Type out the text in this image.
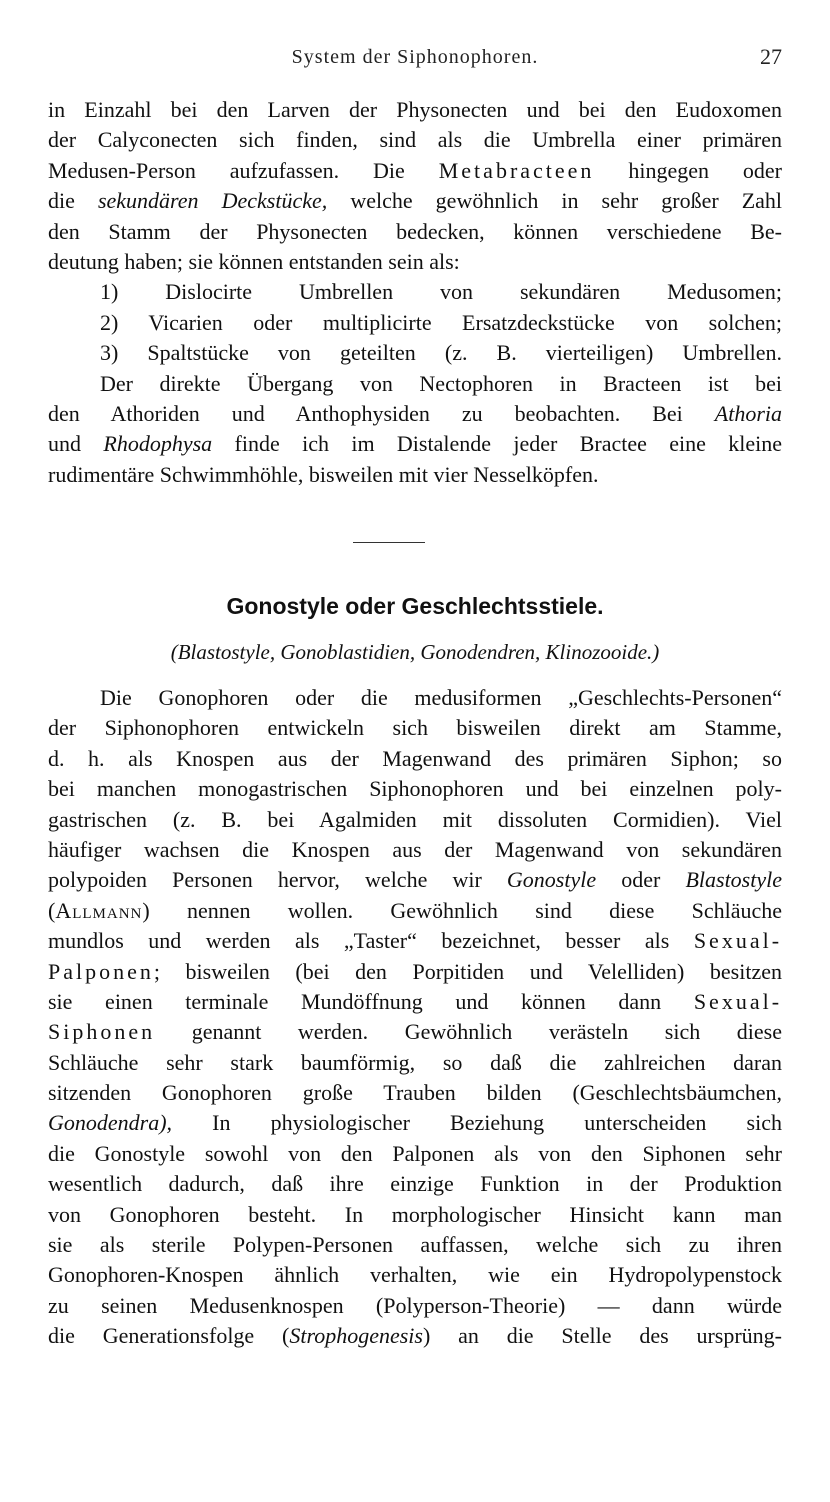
System der Siphonophoren.	27
in Einzahl bei den Larven der Physonecten und bei den Eudoxomen
der Calyconecten sich finden, sind als die Umbrella einer primären
Medusen-Person aufzufassen. Die Metabracteen hingegen oder
die sekundären Deckstücke, welche gewöhnlich in sehr großer Zahl
den Stamm der Physonecten bedecken, können verschiedene Be-
deutung haben; sie können entstanden sein als:
1) Dislocirte Umbrellen von sekundären Medusomen;
2) Vicarien oder multiplicirte Ersatzdeckstücke von solchen;
3) Spaltstücke von geteilten (z. B. vierteiligen) Umbrellen.
Der direkte Übergang von Nectophoren in Bracteen ist bei
den Athoriden und Anthophysiden zu beobachten. Bei Athoria
und Rhodophysa finde ich im Distalende jeder Bractee eine kleine
rudimentäre Schwimmhöhle, bisweilen mit vier Nesselköpfen.
Gonostyle oder Geschlechtsstiele.
(Blastostyle, Gonoblastidien, Gonodendren, Klinozooide.)
Die Gonophoren oder die medusiformen „Geschlechts-Personen“
der Siphonophoren entwickeln sich bisweilen direkt am Stamme,
d. h. als Knospen aus der Magenwand des primären Siphon; so
bei manchen monogastrischen Siphonophoren und bei einzelnen poly-
gastrischen (z. B. bei Agalmiden mit dissoluten Cormidien). Viel
häufiger wachsen die Knospen aus der Magenwand von sekundären
polypoiden Personen hervor, welche wir Gonostyle oder Blastostyle
(Allmann) nennen wollen. Gewöhnlich sind diese Schläuche
mundlos und werden als „Taster“ bezeichnet, besser als Sexual-
Palponen; bisweilen (bei den Porpitiden und Velelliden) besitzen
sie einen terminale Mundöffnung und können dann Sexual-
Siphonen genannt werden. Gewöhnlich verästeln sich diese
Schläuche sehr stark baumförmig, so daß die zahlreichen daran
sitzenden Gonophoren große Trauben bilden (Geschlechtsbäumchen,
Gonodendra), In physiologischer Beziehung unterscheiden sich
die Gonostyle sowohl von den Palponen als von den Siphonen sehr
wesentlich dadurch, daß ihre einzige Funktion in der Produktion
von Gonophoren besteht. In morphologischer Hinsicht kann man
sie als sterile Polypen-Personen auffassen, welche sich zu ihren
Gonophoren-Knospen ähnlich verhalten, wie ein Hydropolypenstock
zu seinen Medusenknospen (Polyperson-Theorie) — dann würde
die Generationsfolge (Strophogenesis) an die Stelle des ursprüng-
